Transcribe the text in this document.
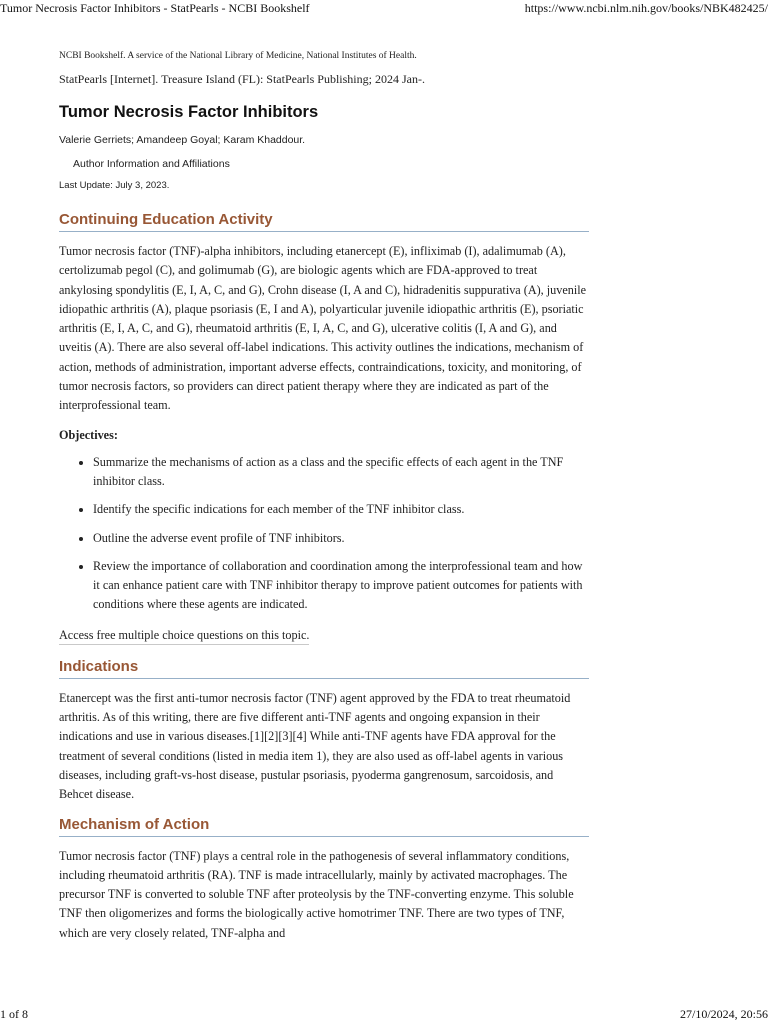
Tumor Necrosis Factor Inhibitors - StatPearls - NCBI Bookshelf	https://www.ncbi.nlm.nih.gov/books/NBK482425/
NCBI Bookshelf. A service of the National Library of Medicine, National Institutes of Health.
StatPearls [Internet]. Treasure Island (FL): StatPearls Publishing; 2024 Jan-.
Tumor Necrosis Factor Inhibitors
Valerie Gerriets; Amandeep Goyal; Karam Khaddour.
Author Information and Affiliations
Last Update: July 3, 2023.
Continuing Education Activity

Tumor necrosis factor (TNF)-alpha inhibitors, including etanercept (E), infliximab (I), adalimumab (A), certolizumab pegol (C), and golimumab (G), are biologic agents which are FDA-approved to treat ankylosing spondylitis (E, I, A, C, and G), Crohn disease (I, A and C), hidradenitis suppurativa (A), juvenile idiopathic arthritis (A), plaque psoriasis (E, I and A), polyarticular juvenile idiopathic arthritis (E), psoriatic arthritis (E, I, A, C, and G), rheumatoid arthritis (E, I, A, C, and G), ulcerative colitis (I, A and G), and uveitis (A). There are also several off-label indications. This activity outlines the indications, mechanism of action, methods of administration, important adverse effects, contraindications, toxicity, and monitoring, of tumor necrosis factors, so providers can direct patient therapy where they are indicated as part of the interprofessional team.

Objectives:
• Summarize the mechanisms of action as a class and the specific effects of each agent in the TNF inhibitor class.
• Identify the specific indications for each member of the TNF inhibitor class.
• Outline the adverse event profile of TNF inhibitors.
• Review the importance of collaboration and coordination among the interprofessional team and how it can enhance patient care with TNF inhibitor therapy to improve patient outcomes for patients with conditions where these agents are indicated.
Access free multiple choice questions on this topic.
Indications

Etanercept was the first anti-tumor necrosis factor (TNF) agent approved by the FDA to treat rheumatoid arthritis. As of this writing, there are five different anti-TNF agents and ongoing expansion in their indications and use in various diseases.[1][2][3][4] While anti-TNF agents have FDA approval for the treatment of several conditions (listed in media item 1), they are also used as off-label agents in various diseases, including graft-vs-host disease, pustular psoriasis, pyoderma gangrenosum, sarcoidosis, and Behcet disease.

Mechanism of Action

Tumor necrosis factor (TNF) plays a central role in the pathogenesis of several inflammatory conditions, including rheumatoid arthritis (RA). TNF is made intracellularly, mainly by activated macrophages. The precursor TNF is converted to soluble TNF after proteolysis by the TNF-converting enzyme. This soluble TNF then oligomerizes and forms the biologically active homotrimer TNF. There are two types of TNF, which are very closely related, TNF-alpha and

1 of 8	27/10/2024, 20:56
